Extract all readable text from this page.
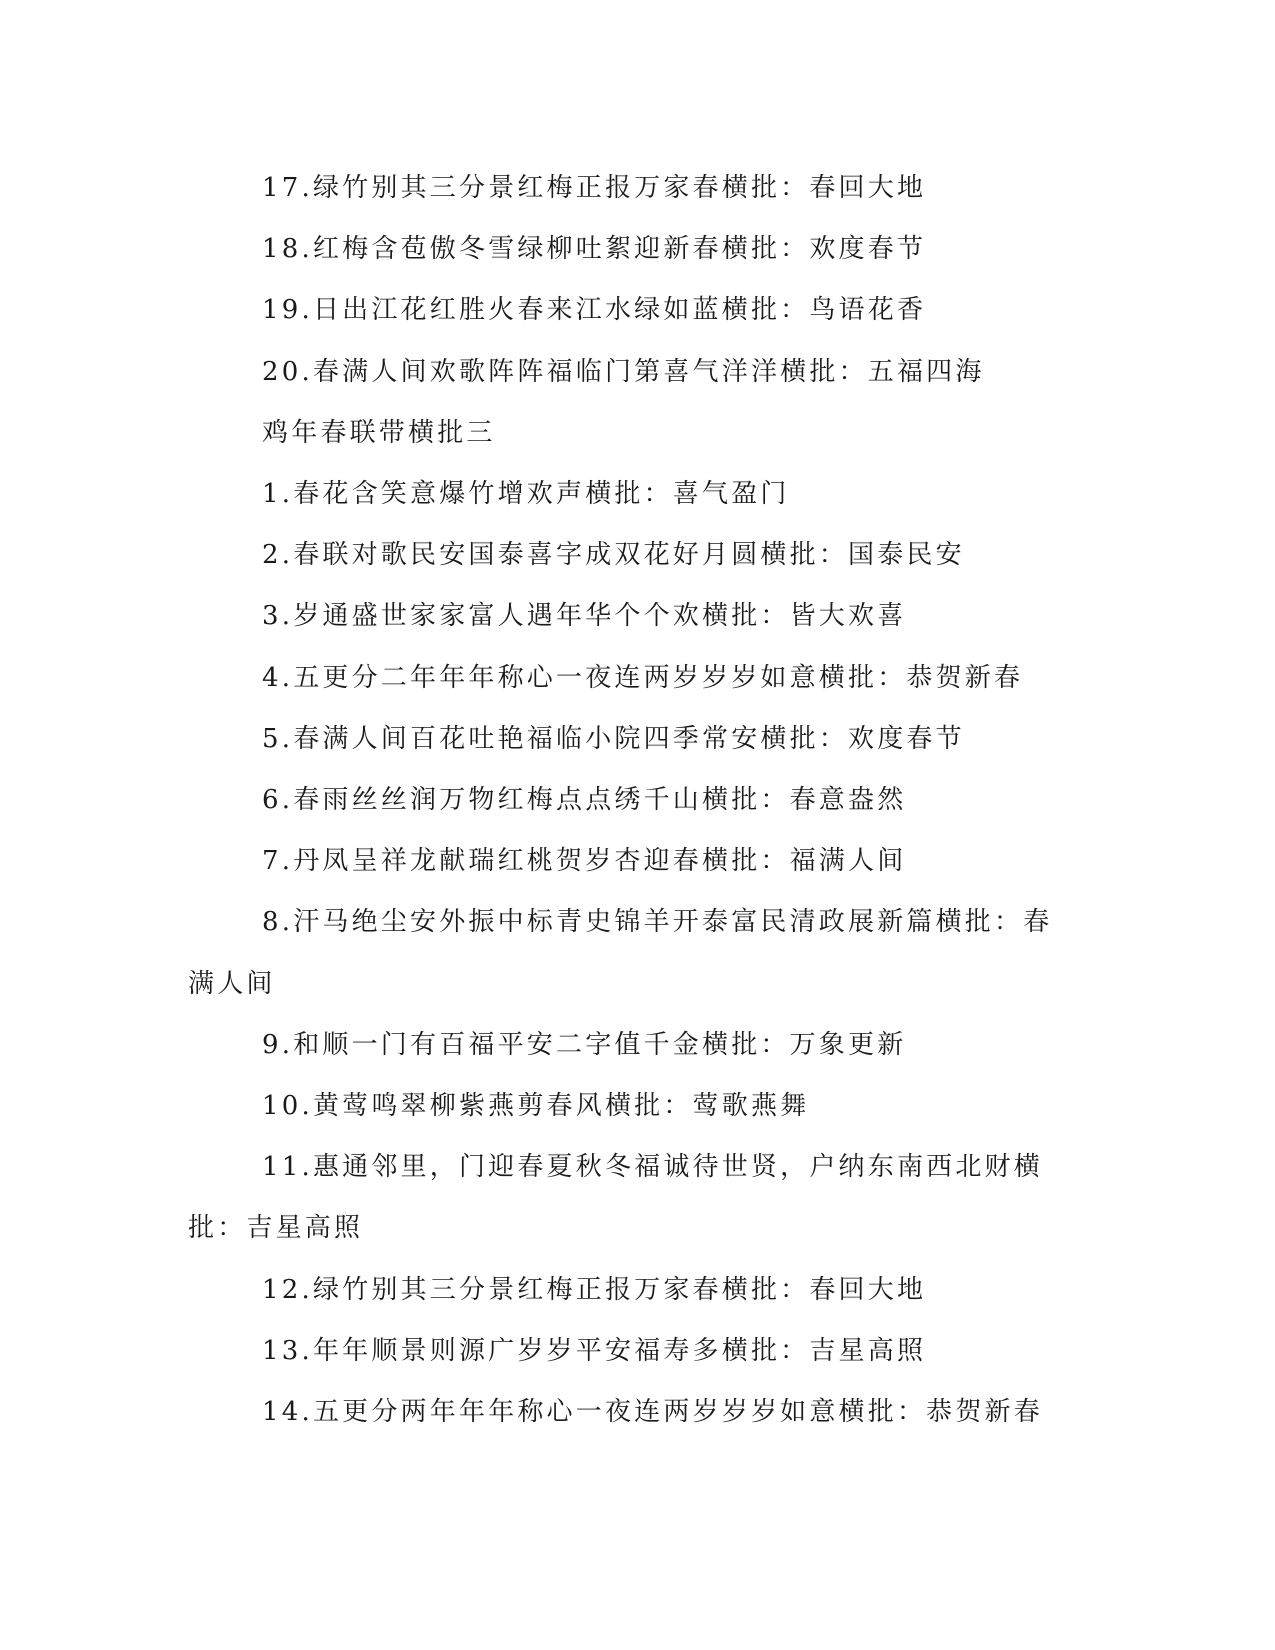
17.绿竹别其三分景红梅正报万家春横批：春回大地

18.红梅含苞傲冬雪绿柳吐絮迎新春横批：欢度春节

19.日出江花红胜火春来江水绿如蓝横批：鸟语花香

20.春满人间欢歌阵阵福临门第喜气洋洋横批：五福四海

鸡年春联带横批三

1.春花含笑意爆竹增欢声横批：喜气盈门

2.春联对歌民安国泰喜字成双花好月圆横批：国泰民安

3.岁通盛世家家富人遇年华个个欢横批：皆大欢喜

4.五更分二年年年称心一夜连两岁岁岁如意横批：恭贺新春

5.春满人间百花吐艳福临小院四季常安横批：欢度春节

6.春雨丝丝润万物红梅点点绣千山横批：春意盎然

7.丹凤呈祥龙献瑞红桃贺岁杏迎春横批：福满人间

8.汗马绝尘安外振中标青史锦羊开泰富民清政展新篇横批：春满人间

9.和顺一门有百福平安二字值千金横批：万象更新

10.黄莺鸣翠柳紫燕剪春风横批：莺歌燕舞

11.惠通邻里，门迎春夏秋冬福诚待世贤，户纳东南西北财横批：吉星高照

12.绿竹别其三分景红梅正报万家春横批：春回大地

13.年年顺景则源广岁岁平安福寿多横批：吉星高照

14.五更分两年年年称心一夜连两岁岁岁如意横批：恭贺新春
